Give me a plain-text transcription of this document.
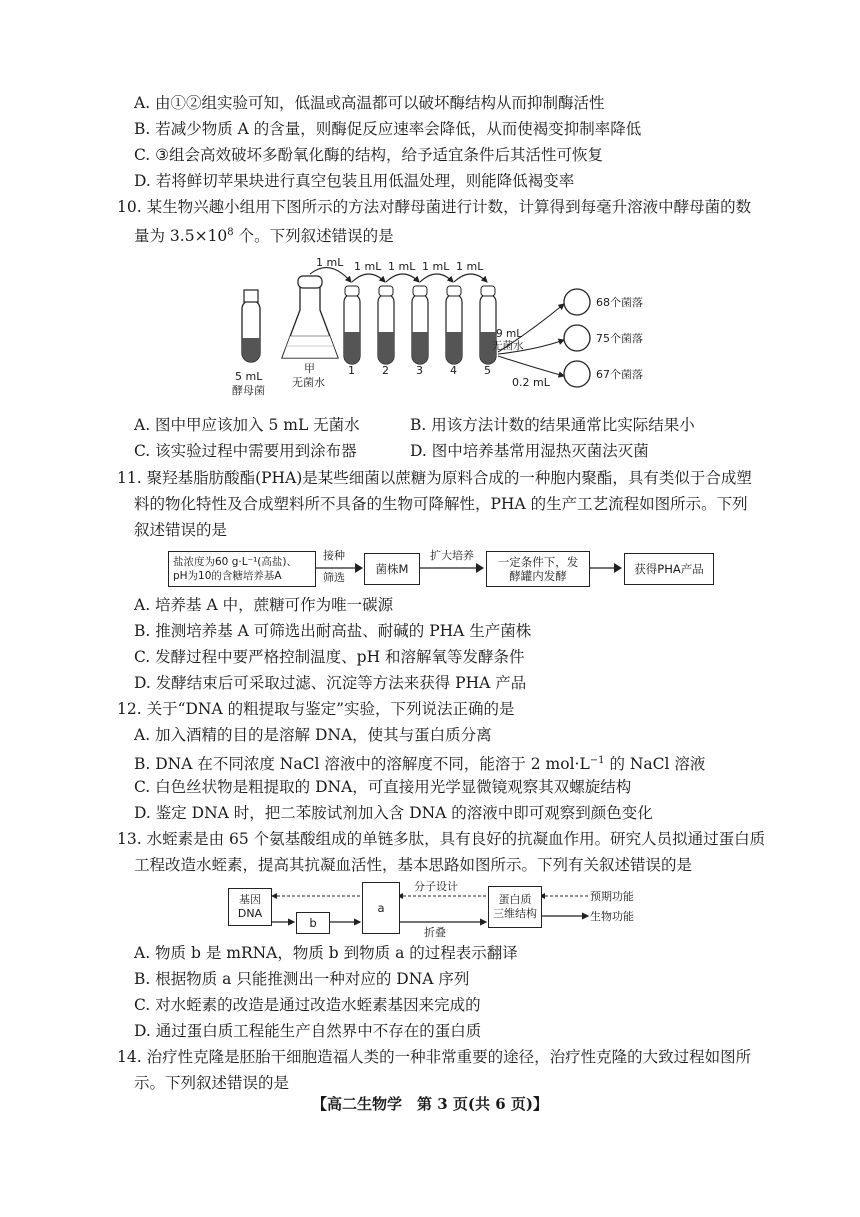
A. 由①②组实验可知，低温或高温都可以破坏酶结构从而抑制酶活性
B. 若减少物质 A 的含量，则酶促反应速率会降低，从而使褐变抑制率降低
C. ③组会高效破坏多酚氧化酶的结构，给予适宜条件后其活性可恢复
D. 若将鲜切苹果块进行真空包装且用低温处理，则能降低褐变率
10. 某生物兴趣小组用下图所示的方法对酵母菌进行计数，计算得到每毫升溶液中酵母菌的数
量为 $3.5\times 10^8$ 个。下列叙述错误的是
1 mL 1 mL 1 mL 1 mL 1 mL
5 mL
酵母菌
甲
无菌水
1 2 3 4 5
9 mL
无菌水
0.2 mL
68个菌落
75个菌落
67个菌落
A. 图中甲应该加入 5 mL 无菌水	B. 用该方法计数的结果通常比实际结果小
C. 该实验过程中需要用到涂布器	D. 图中培养基常用湿热灭菌法灭菌
11. 聚羟基脂肪酸酯(PHA)是某些细菌以蔗糖为原料合成的一种胞内聚酯，具有类似于合成塑
料的物化特性及合成塑料所不具备的生物可降解性，PHA 的生产工艺流程如图所示。下列
叙述错误的是
盐浓度为60 g·L⁻¹(高盐)、
pH为10的含糖培养基A
接种
筛选
菌株M
扩大培养 一定条件下，发
酵罐内发酵	获得PHA产品
A. 培养基 A 中，蔗糖可作为唯一碳源
B. 推测培养基 A 可筛选出耐高盐、耐碱的 PHA 生产菌株
C. 发酵过程中要严格控制温度、pH 和溶解氧等发酵条件
D. 发酵结束后可采取过滤、沉淀等方法来获得 PHA 产品
12. 关于“DNA 的粗提取与鉴定”实验，下列说法正确的是
A. 加入酒精的目的是溶解 DNA，使其与蛋白质分离
B. DNA 在不同浓度 NaCl 溶液中的溶解度不同，能溶于 2 $mol\cdot L^{-1}$ 的 NaCl 溶液
C. 白色丝状物是粗提取的 DNA，可直接用光学显微镜观察其双螺旋结构
D. 鉴定 DNA 时，把二苯胺试剂加入含 DNA 的溶液中即可观察到颜色变化
13. 水蛭素是由 65 个氨基酸组成的单链多肽，具有良好的抗凝血作用。研究人员拟通过蛋白质
工程改造水蛭素，提高其抗凝血活性，基本思路如图所示。下列有关叙述错误的是
基因
DNA
b
a
分子设计
折叠
蛋白质
三维结构
预期功能
生物功能
A. 物质 b 是 mRNA，物质 b 到物质 a 的过程表示翻译
B. 根据物质 a 只能推测出一种对应的 DNA 序列
C. 对水蛭素的改造是通过改造水蛭素基因来完成的
D. 通过蛋白质工程能生产自然界中不存在的蛋白质
14. 治疗性克隆是胚胎干细胞造福人类的一种非常重要的途径，治疗性克隆的大致过程如图所
示。下列叙述错误的是
【高二生物学　第 3 页(共 6 页)】
